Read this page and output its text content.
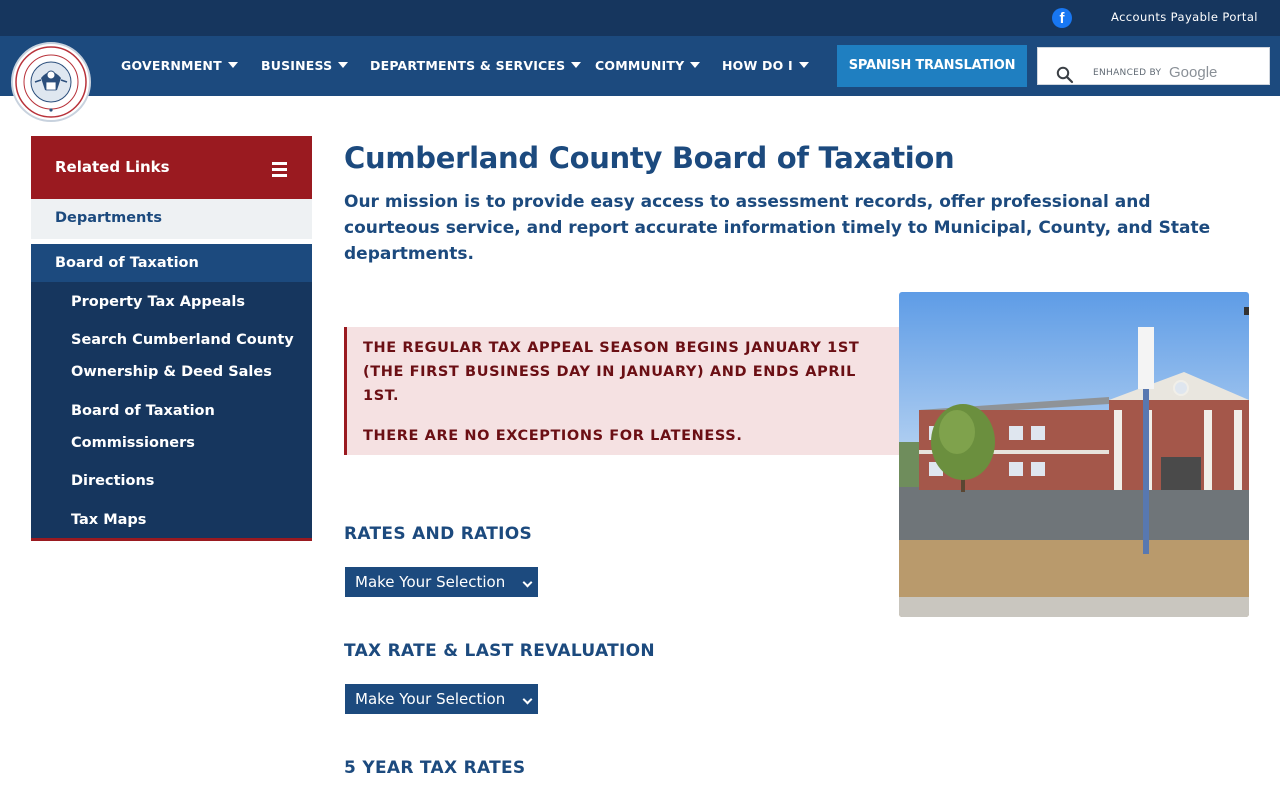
f	Accounts Payable Portal
GOVERNMENT	BUSINESS	DEPARTMENTS & SERVICES	COMMUNITY	HOW DO I	SPANISH TRANSLATION	ENHANCED BY Google
Related Links
Departments
Board of Taxation
Property Tax Appeals
Search Cumberland County
Ownership & Deed Sales
Board of Taxation
Commissioners
Directions
Tax Maps
Cumberland County Board of Taxation

Our mission is to provide easy access to assessment records, offer professional and courteous service, and report accurate information timely to Municipal, County, and State departments.

THE REGULAR TAX APPEAL SEASON BEGINS JANUARY 1ST (THE FIRST BUSINESS DAY IN JANUARY) AND ENDS APRIL 1ST.

THERE ARE NO EXCEPTIONS FOR LATENESS.

RATES AND RATIOS
Make Your Selection
TAX RATE & LAST REVALUATION
Make Your Selection
5 YEAR TAX RATES
